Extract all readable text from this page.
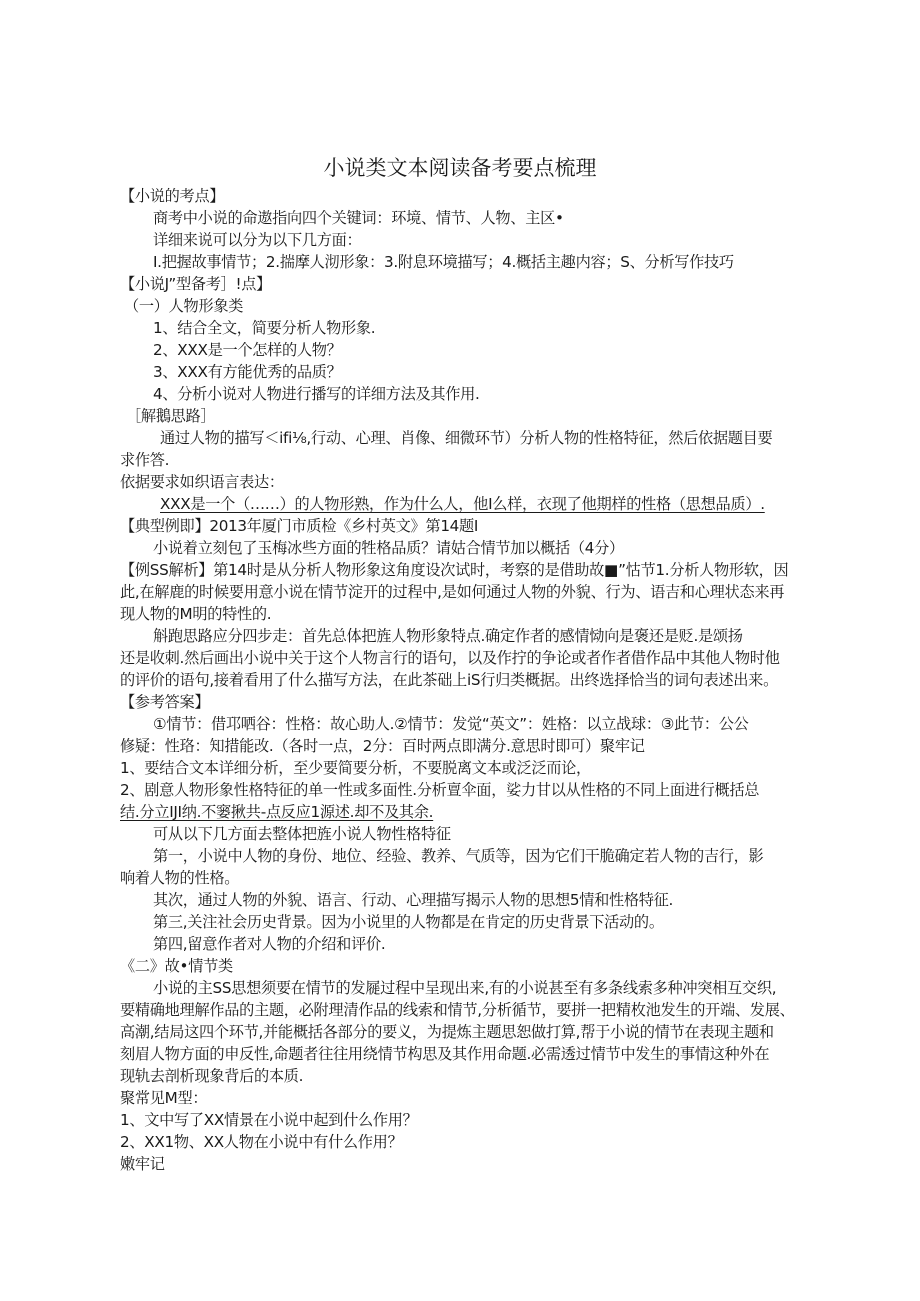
小说类文本阅读备考要点梳理
【小说的考点】
商考中小说的命遨指向四个关键词：环境、情节、人物、主区•
详细来说可以分为以下几方面：
I.把握故事情节；2.揣摩人沏形象：3.附息环境描写；4.概括主趣内容；S、分析写作技巧
【小说J”型备考］!点】
（一）人物形象类
1、结合全文，简要分析人物形象.
2、XXX是一个怎样的人物？
3、XXX有方能优秀的品质？
4、分析小说对人物进行播写的详细方法及其作用.
［解鵝思路］
通过人物的描写＜ifi⅛,行动、心理、肖像、细微环节）分析人物的性格特征，然后依据题目要
求作答.
依据要求如织语言表达：
XXX是一个（……）的人物形熟，作为什么人，他I么样，衣现了他期样的性格（思想品质）.
【典型例即】2013年厦门市质检《乡村英文》第14题I
小说着立刻包了玉梅冰些方面的牲格品质？请姑合情节加以概括（4分）
【例SS解析】第14时是从分析人物形象这角度设次试时，考察的是借助故■”怙节1.分析人物形软，因
此,在解鹿的时候要用意小说在情节淀开的过程中,是如何通过人物的外貌、行为、语吉和心理状态来再
现人物的M明的特性的.
斛跑思路应分四步走：首先总体把旌人物形象特点.确定作者的感情恸向是褒还是贬.是颂扬
还是收刺.然后画出小说中关于这个人物言行的语句，以及作拧的争论或者作者借作品中其他人物时他
的评价的语句,接着看用了什么描写方法，在此茶础上iS行归类概据。出终选择恰当的词句表述出来。
【参考答案】
①情节：借邛哂谷：性格：故心助人.②情节：发觉“英文”：姓格：以立战球：③此节：公公
修疑：性珞：知措能改.（各时一点，2分：百时两点即满分.意思时即可）聚牢记
1、要结合文本详细分析，至少要简要分析，不要脱离文本或泛泛而论，
2、剧意人物形象性格特征的单一性或多面性.分析亶伞面，娑力甘以从性格的不同上面进行概括总
结.分立IJI纳.不窭揪共-点反应1源述.却不及其余.
可从以下几方面去整体把旌小说人物性格特征
第一，小说中人物的身份、地位、经验、教养、气质等，因为它们干脆确定若人物的吉行，影
响着人物的性格。
其次，通过人物的外貌、语言、行动、心理描写揭示人物的思想5情和性格特征.
第三,关注社会历史背景。因为小说里的人物都是在肯定的历史背景下活动的。
第四,留意作者对人物的介绍和评价.
《二》故•情节类
小说的主SS思想须要在情节的发屣过程中呈现出来,有的小说甚至有多条线索多种冲突相互交织,
要精确地理解作品的主题，必附理清作品的线索和情节,分析循节，要拼一把精枚池发生的开端、发展、
高潮,结局这四个环节,并能概括各部分的要义，为提炼主题思恕做打算,帮于小说的情节在表现主题和
刻眉人物方面的申反性,命题者往往用绕情节构思及其作用命题.必需透过情节中发生的事情这种外在
现轨去剖析现象背后的本质.
聚常见M型：
1、文中写了XX情景在小说中起到什么作用？
2、XX1物、XX人物在小说中有什么作用？
嫩牢记
